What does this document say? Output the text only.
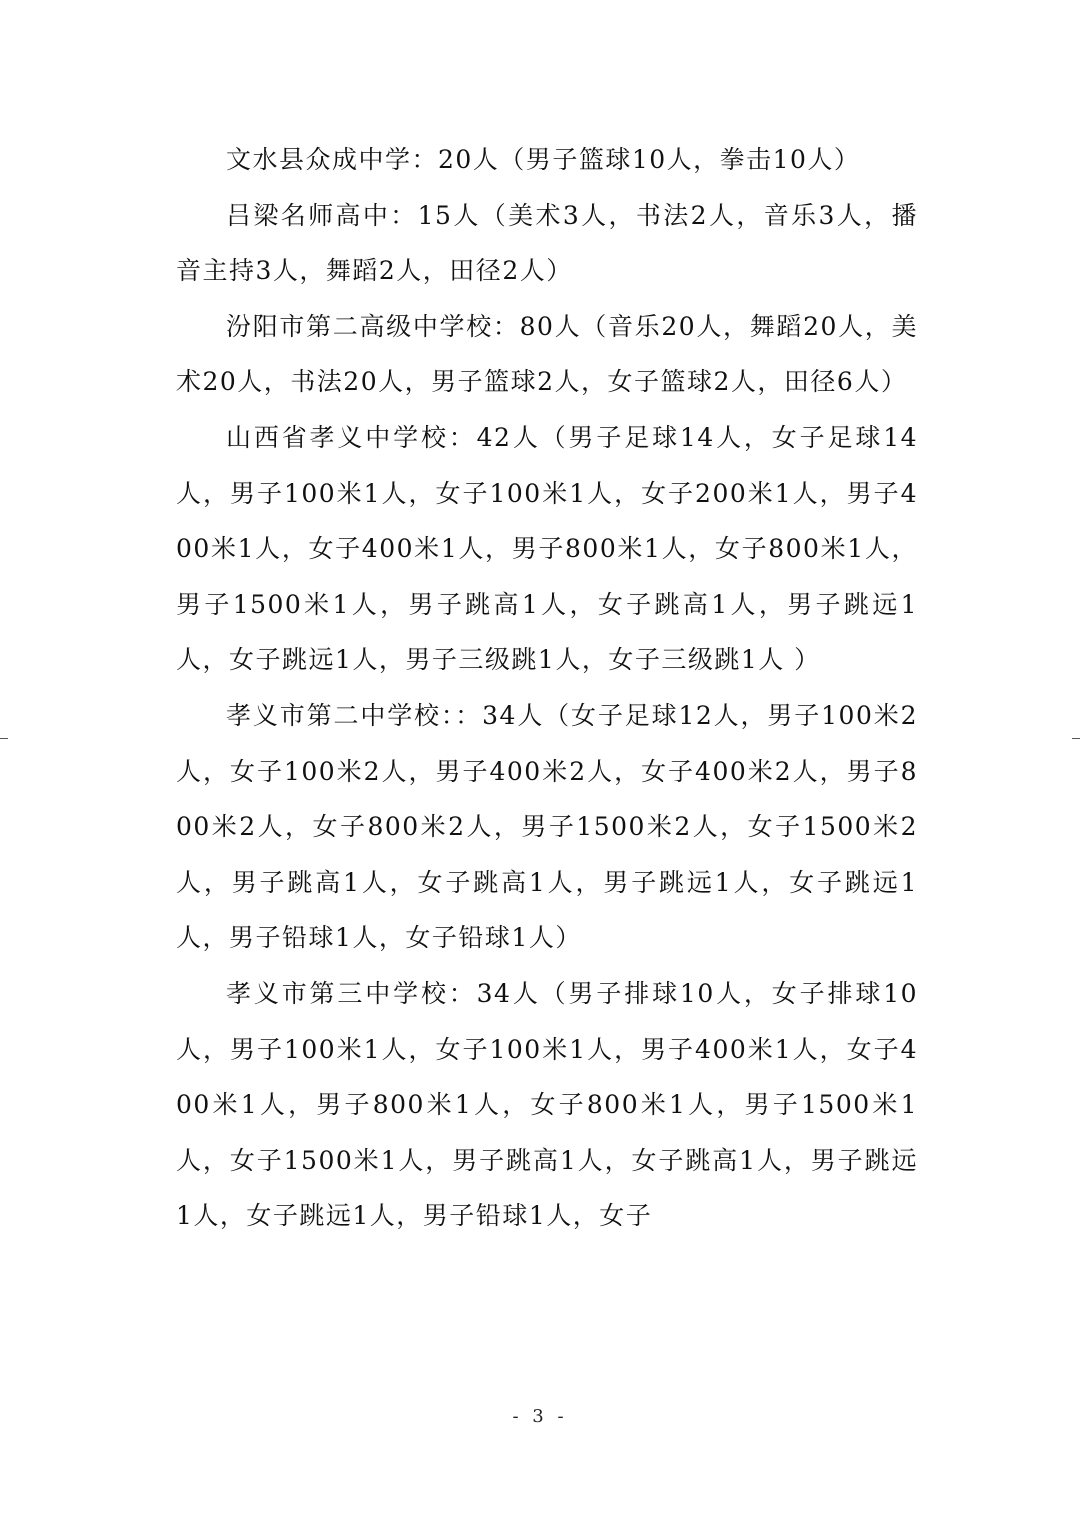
文水县众成中学：20人（男子篮球10人，拳击10人）

吕梁名师高中：15人（美术3人，书法2人，音乐3人，播音主持3人，舞蹈2人，田径2人）

汾阳市第二高级中学校：80人（音乐20人，舞蹈20人，美术20人，书法20人，男子篮球2人，女子篮球2人，田径6人）

山西省孝义中学校：42人（男子足球14人，女子足球14人，男子100米1人，女子100米1人，女子200米1人，男子400米1人，女子400米1人，男子800米1人，女子800米1人，男子1500米1人，男子跳高1人，女子跳高1人，男子跳远1人，女子跳远1人，男子三级跳1人，女子三级跳1人 ）

孝义市第二中学校：：34人（女子足球12人，男子100米2人，女子100米2人，男子400米2人，女子400米2人，男子800米2人，女子800米2人，男子1500米2人，女子1500米2人，男子跳高1人，女子跳高1人，男子跳远1人，女子跳远1人，男子铅球1人，女子铅球1人）

孝义市第三中学校：34人（男子排球10人，女子排球10人，男子100米1人，女子100米1人，男子400米1人，女子400米1人，男子800米1人，女子800米1人，男子1500米1人，女子1500米1人，男子跳高1人，女子跳高1人，男子跳远1人，女子跳远1人，男子铅球1人，女子

- 3 -
